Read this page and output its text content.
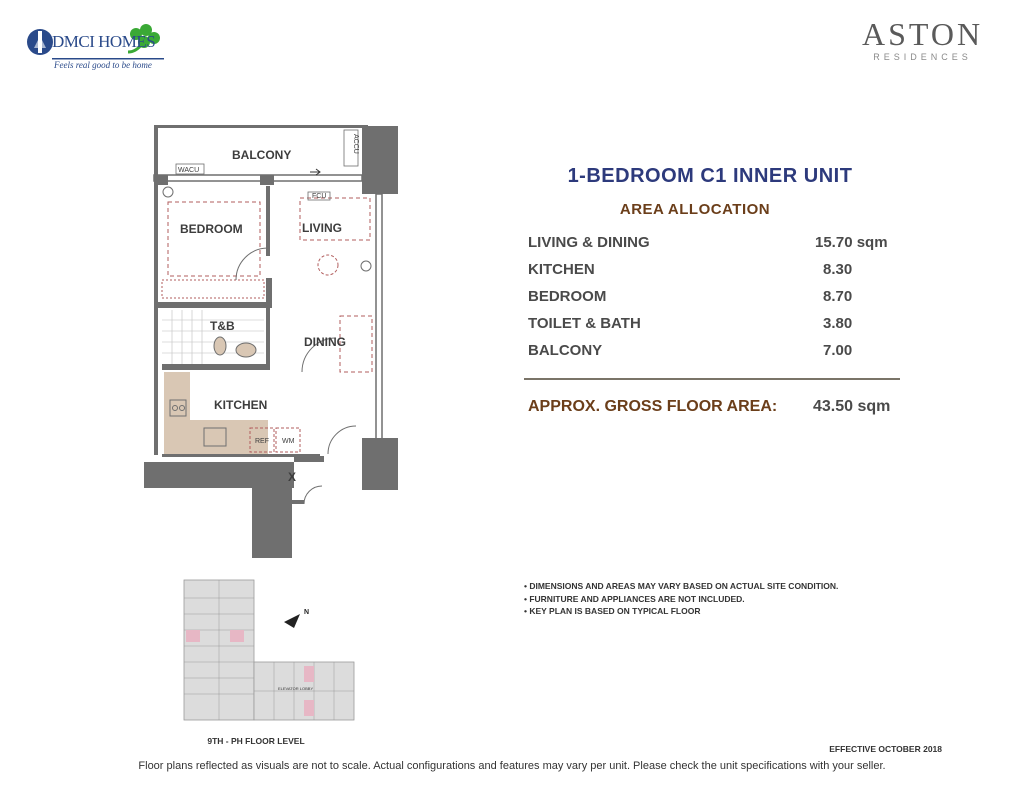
DMCI HOMES
Feels real good to be home
ASTON
RESIDENCES
BALCONY
BEDROOM	LIVING
T&B
DINING
KITCHEN
WACU
ACCU
FCU
REF WM
X
ELEVATOR LOBBY
N
9TH - PH FLOOR LEVEL
1-BEDROOM C1 INNER UNIT
AREA ALLOCATION
LIVING & DINING	15.70 sqm
KITCHEN	8.30
BEDROOM	8.70
TOILET & BATH	3.80
BALCONY	7.00
APPROX. GROSS FLOOR AREA: 43.50 sqm
• DIMENSIONS AND AREAS MAY VARY BASED ON ACTUAL SITE CONDITION.
• FURNITURE AND APPLIANCES ARE NOT INCLUDED.
• KEY PLAN IS BASED ON TYPICAL FLOOR
EFFECTIVE OCTOBER 2018
Floor plans reflected as visuals are not to scale. Actual configurations and features may vary per unit. Please check the unit specifications with your seller.
